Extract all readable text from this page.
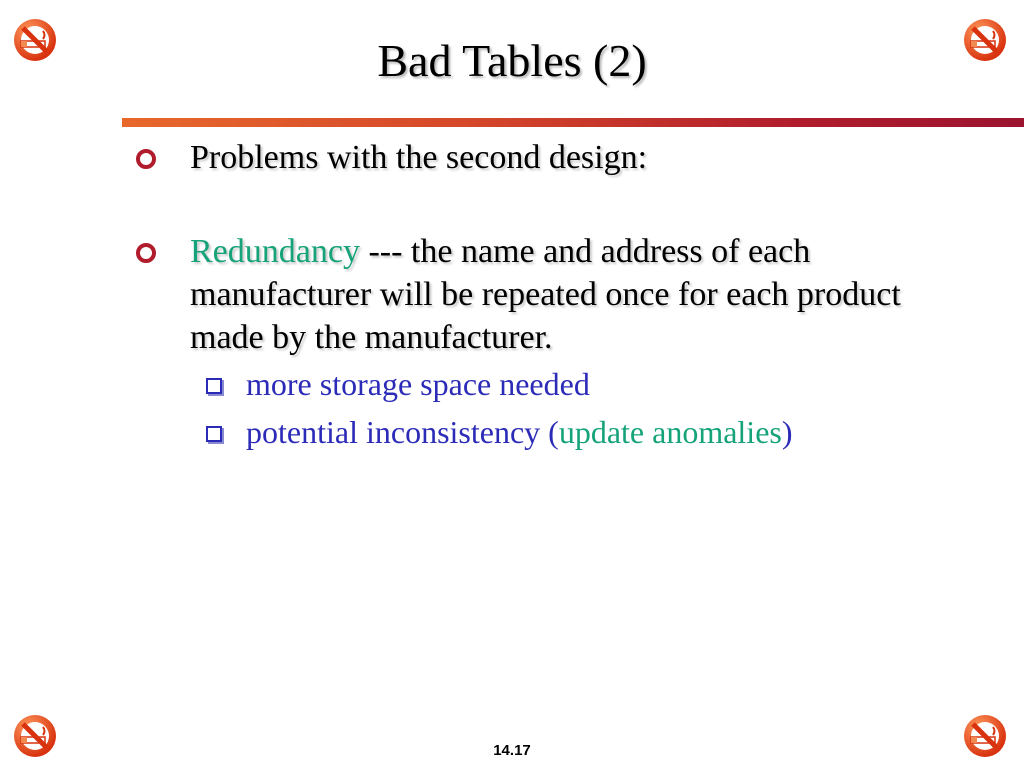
Bad Tables (2)
Problems with the second design:
Redundancy --- the name and address of each manufacturer will be repeated once for each product made by the manufacturer.
more storage space needed
potential inconsistency (update anomalies)
14.17
